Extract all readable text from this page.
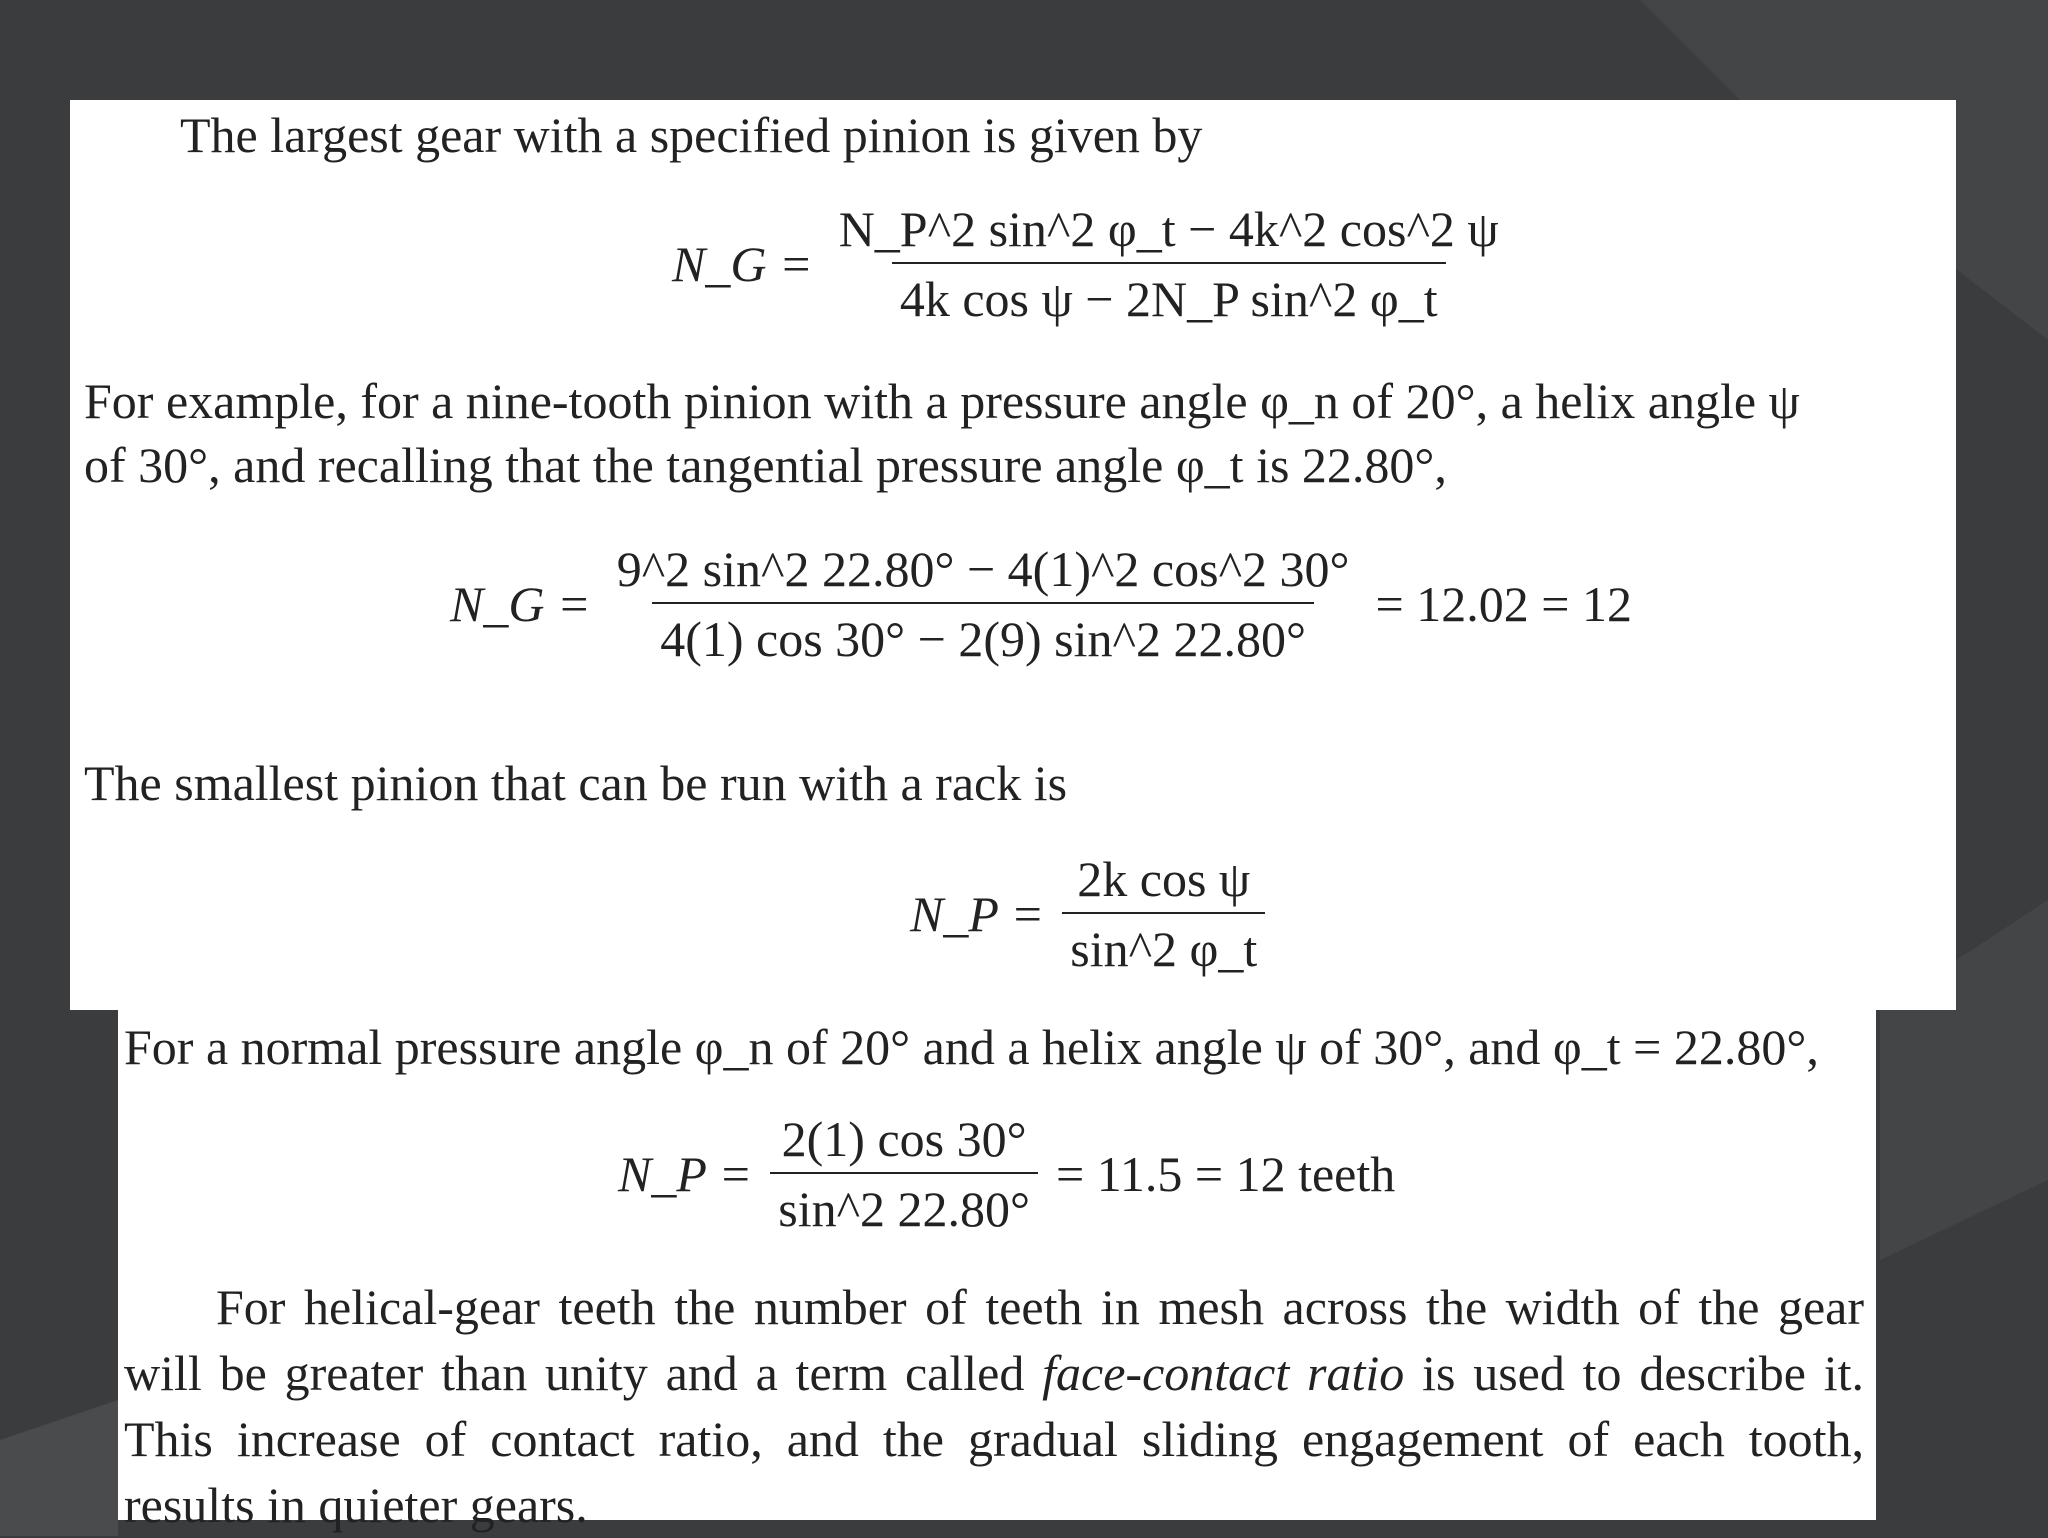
The largest gear with a specified pinion is given by
N_G = $\frac{N\_P\^{}2 \sin\^{}2 \varphi\_t - 4k\^{}2 \cos\^{}2 \psi}{\text{4k cos ψ − 2N\_P sin\textasciicircum{}2 φ\_t}}$
For example, for a nine-tooth pinion with a pressure angle φ_n of 20°, a helix angle ψ
of 30°, and recalling that the tangential pressure angle φ_t is 22.80°,
N_G = $\frac{9\^{}2 \sin\^{}2 22.80^\circ - 4(1)\^{}2 \cos\^{}2 30^\circ}{4(1) \cos 30^\circ - 2(9) \sin\^{}2 22.80^\circ} = 12.02 = 12$
The smallest pinion that can be run with a rack is
N_P = $\frac{\text{2k cos ψ}}{\sin\^{}2 \varphi\_t}$
For a normal pressure angle φ_n of 20° and a helix angle ψ of 30°, and φ_t = 22.80°,
N_P = $\frac{2(1) \cos 30^\circ}{\sin\^{}2 22.80^\circ} = 11.5 = 12$ teeth
For helical-gear teeth the number of teeth in mesh across the width of the gear will be greater than unity and a term called face-contact ratio is used to describe it. This increase of contact ratio, and the gradual sliding engagement of each tooth, results in quieter gears.
